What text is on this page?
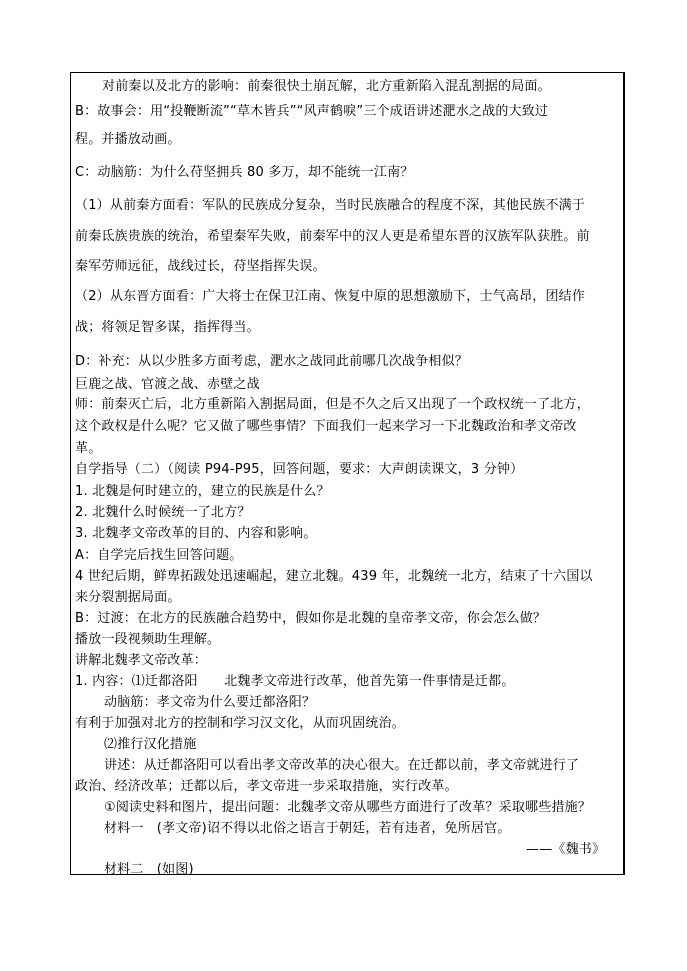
对前秦以及北方的影响：前秦很快土崩瓦解，北方重新陷入混乱割据的局面。
B：故事会：用“投鞭断流”“草木皆兵”“风声鹤唳”三个成语讲述淝水之战的大致过
程。并播放动画。
C：动脑筋：为什么苻坚拥兵 80 多万，却不能统一江南？
（1）从前秦方面看：军队的民族成分复杂，当时民族融合的程度不深，其他民族不满于
前秦氐族贵族的统治，希望秦军失败，前秦军中的汉人更是希望东晋的汉族军队获胜。前
秦军劳师远征，战线过长，苻坚指挥失误。
（2）从东晋方面看：广大将士在保卫江南、恢复中原的思想激励下，士气高昂，团结作
战；将领足智多谋，指挥得当。
D：补充：从以少胜多方面考虑，淝水之战同此前哪几次战争相似？
巨鹿之战、官渡之战、赤壁之战
师：前秦灭亡后，北方重新陷入割据局面，但是不久之后又出现了一个政权统一了北方，
这个政权是什么呢？它又做了哪些事情？下面我们一起来学习一下北魏政治和孝文帝改
革。
自学指导（二）（阅读 P94-P95，回答问题，要求：大声朗读课文，3 分钟）
1. 北魏是何时建立的，建立的民族是什么？
2. 北魏什么时候统一了北方？
3. 北魏孝文帝改革的目的、内容和影响。
A：自学完后找生回答问题。
4 世纪后期，鲜卑拓跋处迅速崛起，建立北魏。439 年，北魏统一北方，结束了十六国以
来分裂割据局面。
B：过渡：在北方的民族融合趋势中，假如你是北魏的皇帝孝文帝，你会怎么做？
播放一段视频助生理解。
讲解北魏孝文帝改革：
1. 内容：⑴迁都洛阳　　北魏孝文帝进行改革，他首先第一件事情是迁都。
动脑筋：孝文帝为什么要迁都洛阳？
有利于加强对北方的控制和学习汉文化，从而巩固统治。
⑵推行汉化措施
讲述：从迁都洛阳可以看出孝文帝改革的决心很大。在迁都以前，孝文帝就进行了
政治、经济改革；迁都以后，孝文帝进一步采取措施，实行改革。
①阅读史料和图片，提出问题：北魏孝文帝从哪些方面进行了改革？采取哪些措施？
材料一　(孝文帝)诏不得以北俗之语言于朝廷，若有违者，免所居官。
——《魏书》
材料二　(如图)
